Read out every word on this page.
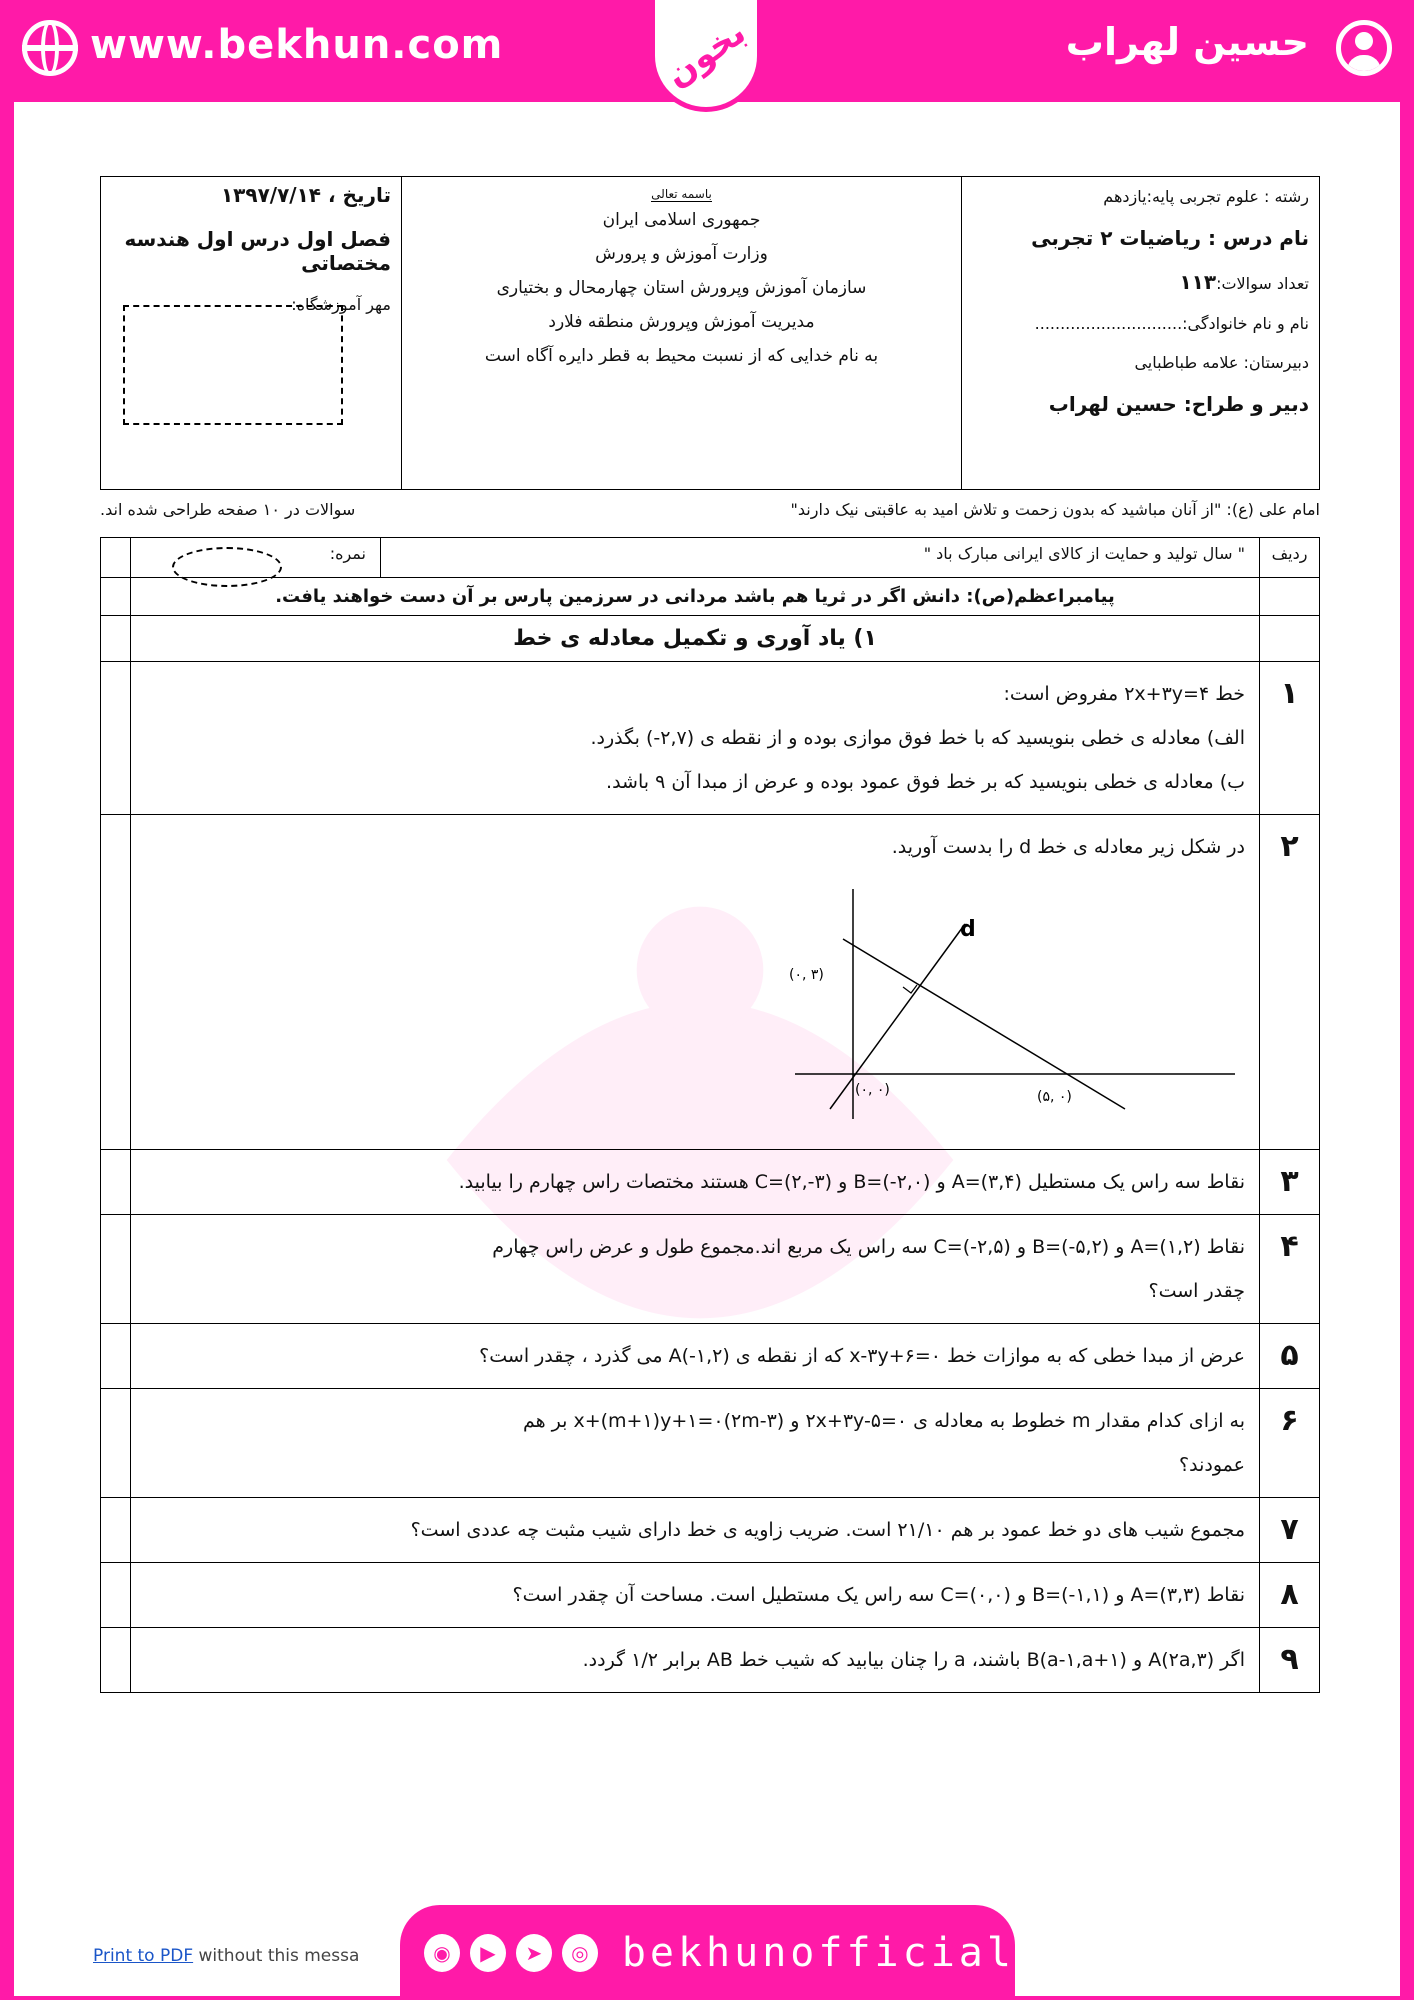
www.bekhun.com	بخون	حسین لهراب
رشته : علوم تجربی پایه:یازدهم
نام درس : ریاضیات ۲ تجربی
تعداد سوالات:۱۱۳
نام و نام خانوادگی:.............................
دبیرستان: علامه طباطبایی
دبیر و طراح: حسین لهراب
باسمه تعالی
جمهوری اسلامی ایران
وزارت آموزش و پرورش
سازمان آموزش وپرورش استان چهارمحال و بختیاری
مدیریت آموزش وپرورش منطقه فلارد
به نام خدایی که از نسبت محیط به قطر دایره آگاه است
تاریخ ، ۱۳۹۷/۷/۱۴
فصل اول درس اول هندسه مختصاتی
مهر آموزشگاه:
امام علی (ع): "از آنان مباشید که بدون زحمت و تلاش امید به عاقبتی نیک دارند"
سوالات در ۱۰ صفحه طراحی شده اند.
ردیف	" سال تولید و حمایت از کالای ایرانی مبارک باد "	نمره:	
	پیامبراعظم(ص): دانش اگر در ثریا هم باشد مردانی در سرزمین پارس بر آن دست خواهند یافت.		
	۱) یاد آوری و تکمیل معادله ی خط		
۱	خط ۲x+۳y=۴ مفروض است:
الف) معادله ی خطی بنویسید که با خط فوق موازی بوده و از نقطه ی (۲,۷-) بگذرد.
ب) معادله ی خطی بنویسید که بر خط فوق عمود بوده و عرض از مبدا آن ۹ باشد.		

۲	در شکل زیر معادله ی خط d را بدست آورید.
d
(۰, ۳)
(۰, ۰) (۵, ۰)		

۳	نقاط سه راس یک مستطیل A=(۳,۴) و B=(-۲,۰) و C=(۲,-۳) هستند مختصات راس چهارم را بیابید.		

۴	نقاط A=(۱,۲) و B=(-۵,۲) و C=(-۲,۵) سه راس یک مربع اند.مجموع طول و عرض راس چهارم
چقدر است؟		

۵	عرض از مبدا خطی که به موازات خط x-۳y+۶=۰ که از نقطه ی A(-۱,۲) می گذرد ، چقدر است؟		

۶	به ازای کدام مقدار m خطوط به معادله ی ۲x+۳y-۵=۰ و (۲m-۳)x+(m+۱)y+۱=۰ بر هم
عمودند؟		

۷	مجموع شیب های دو خط عمود بر هم ۲۱/۱۰ است. ضریب زاویه ی خط دارای شیب مثبت چه عددی است؟		

۸	نقاط A=(۳,۳) و B=(-۱,۱) و C=(۰,۰) سه راس یک مستطیل است. مساحت آن چقدر است؟		

۹	اگر A(۲a,۳) و B(a-۱,a+۱) باشند، a را چنان بیابید که شیب خط AB برابر ۱/۲ گردد.		

◉	▶	➤	◎ bekhunofficial
Print to PDF without this messa
